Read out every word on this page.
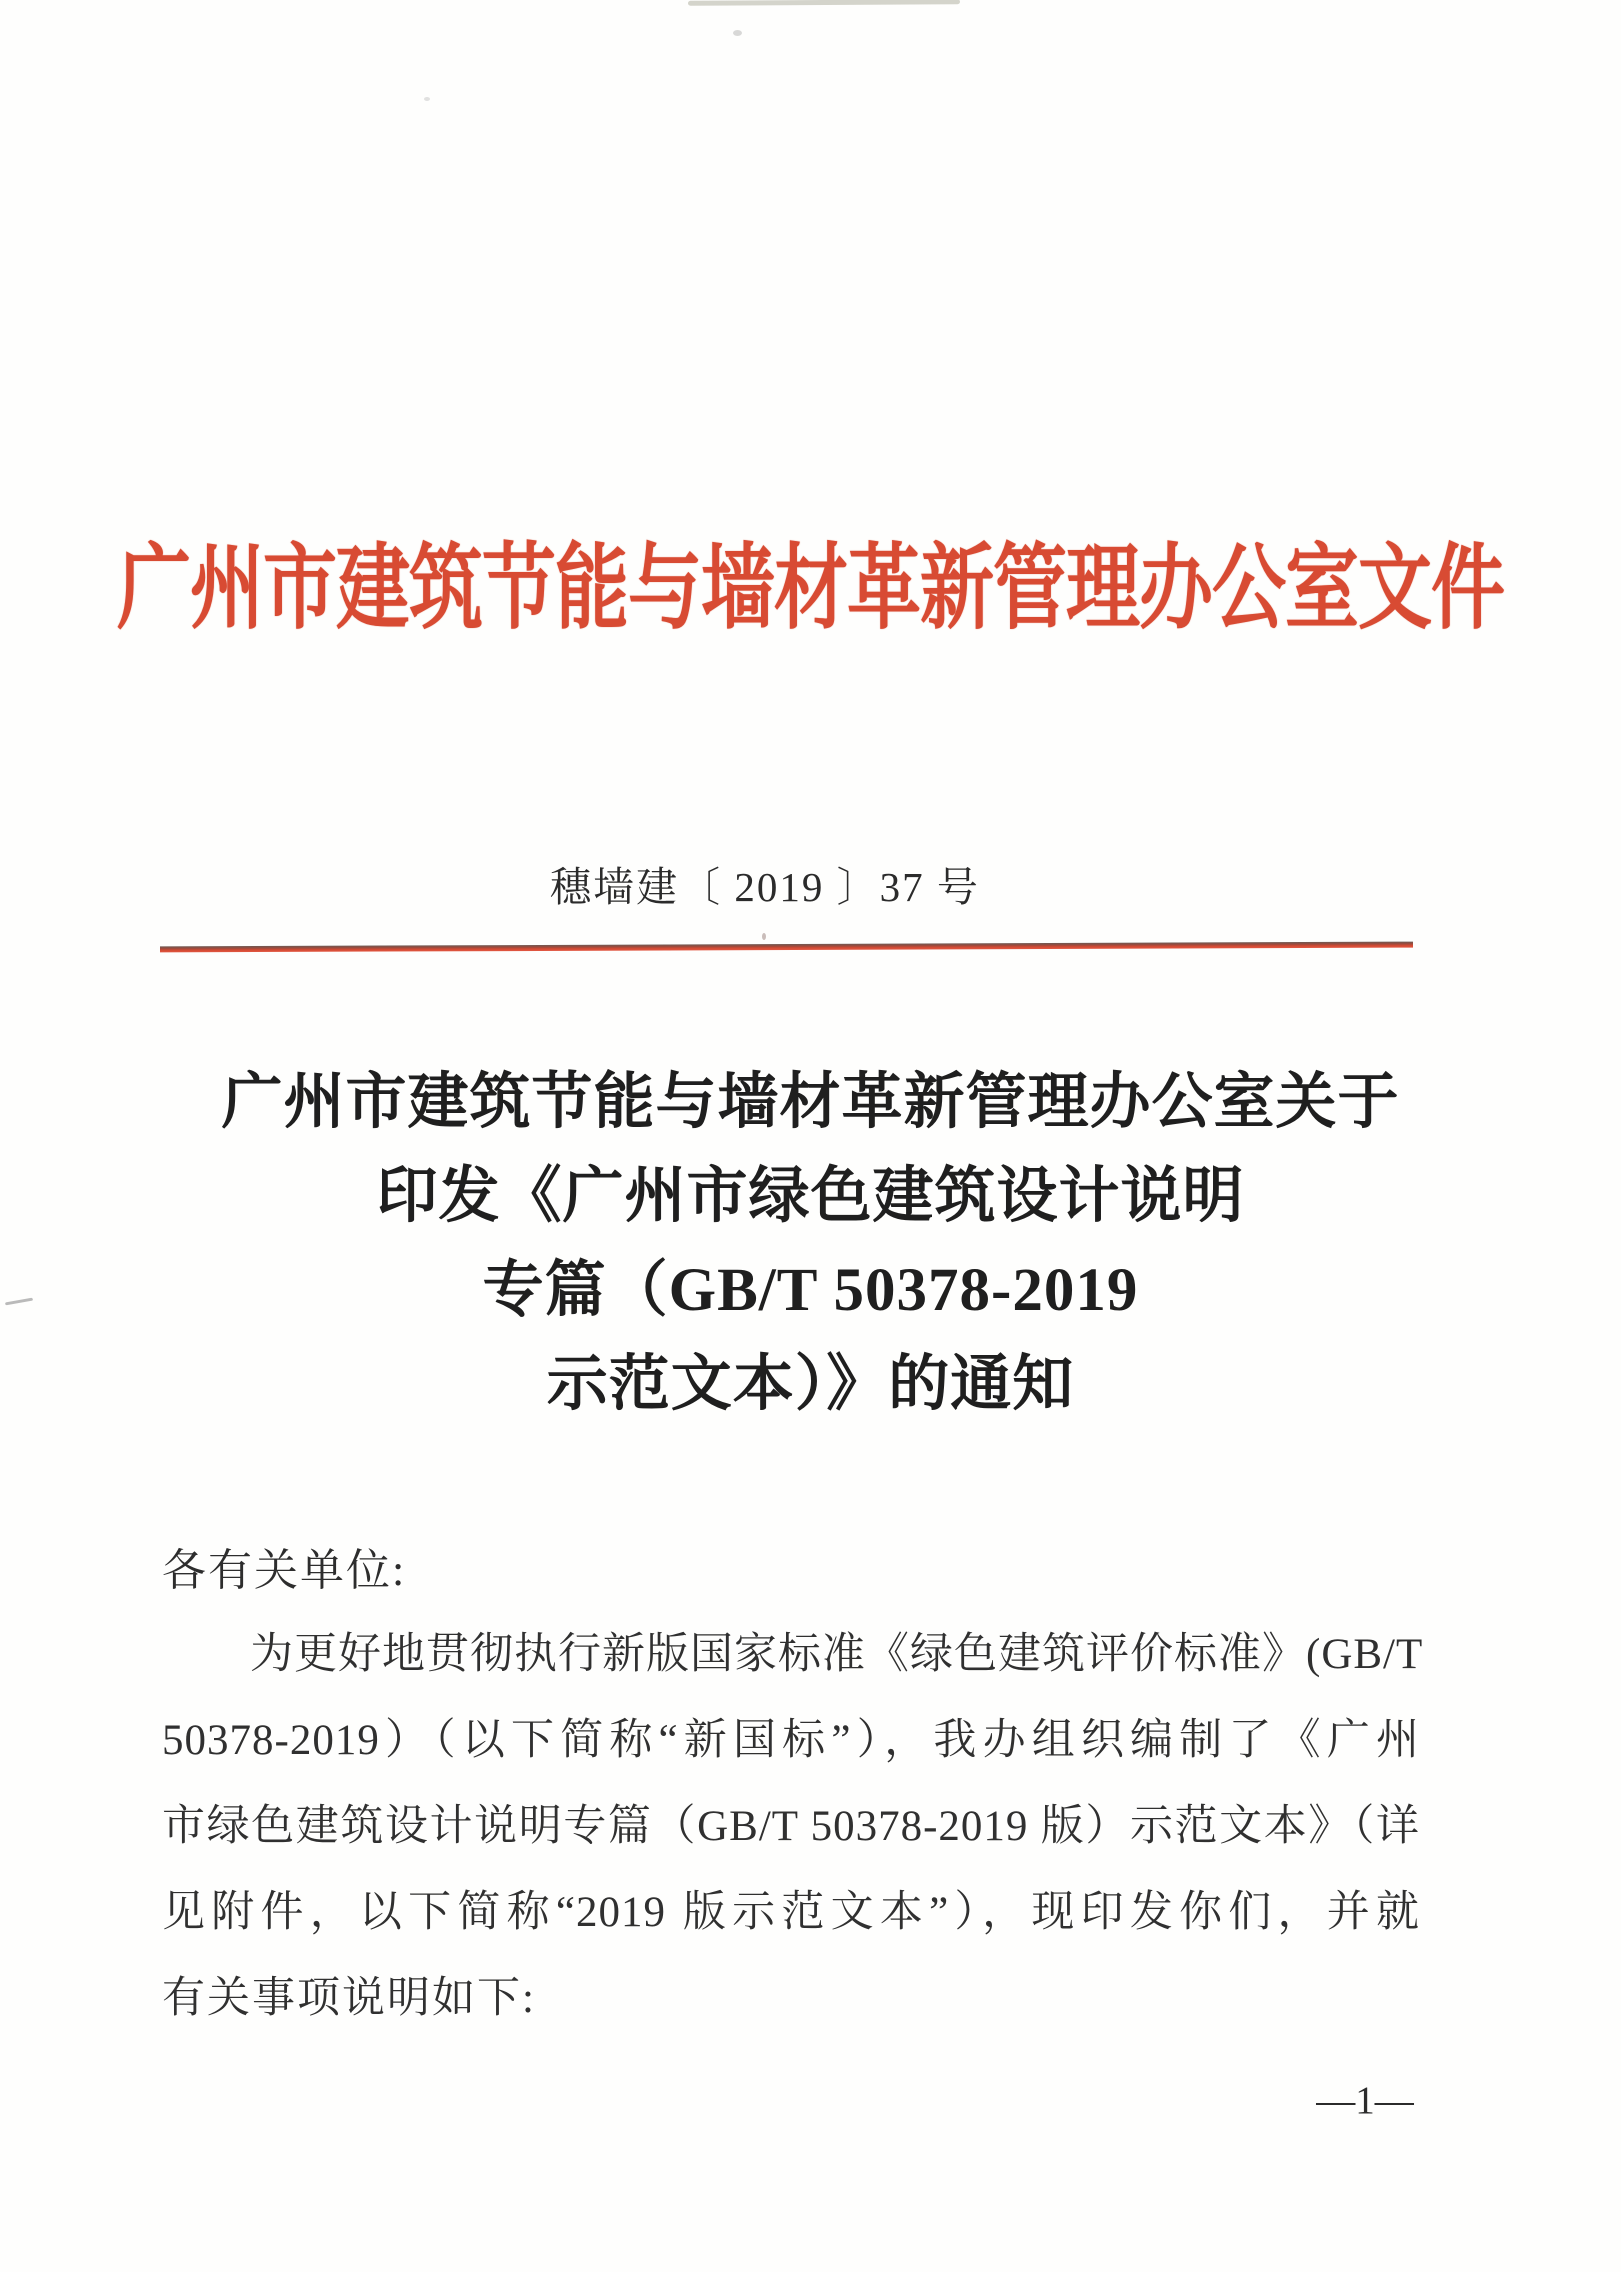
广州市建筑节能与墙材革新管理办公室文件
穗墙建〔 2019 〕37 号
广州市建筑节能与墙材革新管理办公室关于
印发《广州市绿色建筑设计说明
专篇（GB/T 50378-2019
示范文本）》的通知
各有关单位:
为更好地贯彻执行新版国家标准《绿色建筑评价标准》(GB/T
50378-2019）（以下简称“新国标”），我办组织编制了《广州
市绿色建筑设计说明专篇（GB/T 50378-2019 版）示范文本》（详
见附件，以下简称“2019 版示范文本”），现印发你们，并就
有关事项说明如下:
—1—
